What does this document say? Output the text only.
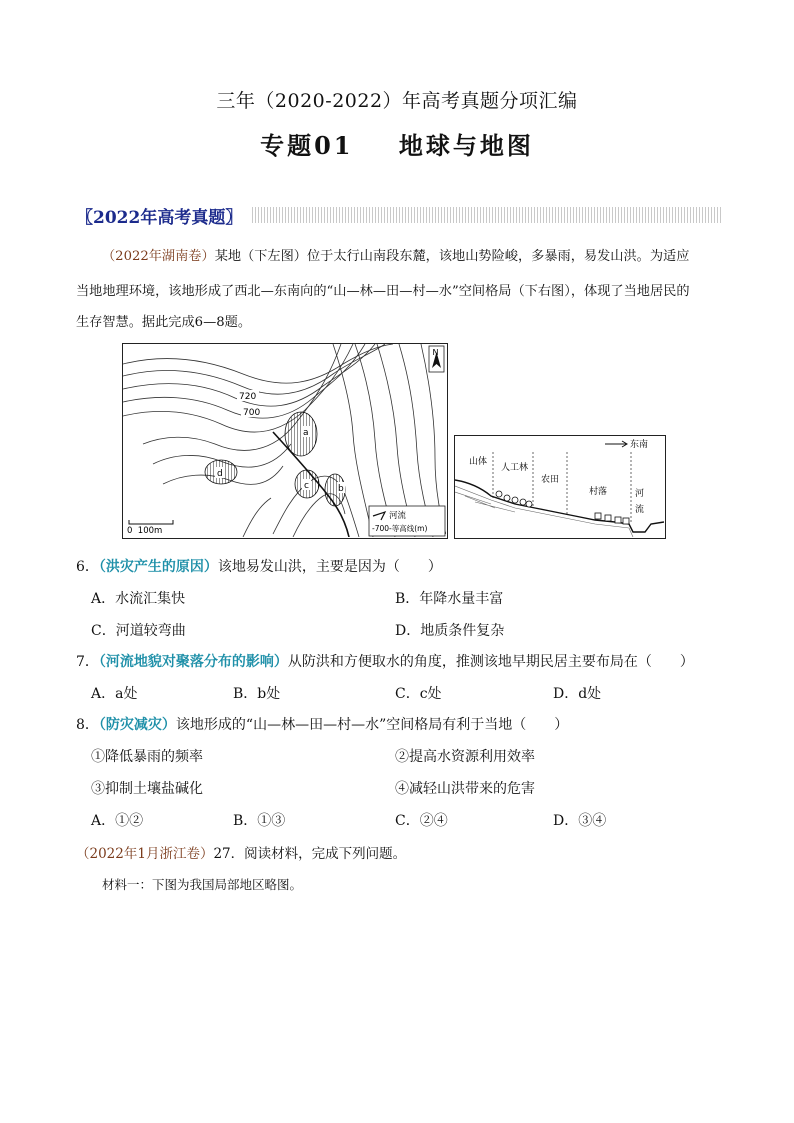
三年（2020-2022）年高考真题分项汇编
专题01    地球与地图
〖2022年高考真题〗
（2022年湖南卷）某地（下左图）位于太行山南段东麓，该地山势险峻，多暴雨，易发山洪。为适应
当地地理环境，该地形成了西北—东南向的“山—林—田—村—水”空间格局（下右图），体现了当地居民的
生存智慧。据此完成6—8题。
a
b
c
d
720
700
N
0  100m
河流
-700-等高线(m)
东南
山体
人工林
农田
村落	河
流
6．（洪灾产生的原因）该地易发山洪，主要是因为（　　）
A．水流汇集快	B．年降水量丰富
C．河道较弯曲	D．地质条件复杂
7．（河流地貌对聚落分布的影响）从防洪和方便取水的角度，推测该地早期民居主要布局在（　　）
A．a处	B．b处	C．c处	D．d处
8．（防灾减灾）该地形成的“山—林—田—村—水”空间格局有利于当地（　　）
①降低暴雨的频率	②提高水资源利用效率
③抑制土壤盐碱化	④减轻山洪带来的危害
A．①②	B．①③	C．②④	D．③④
（2022年1月浙江卷）27．阅读材料，完成下列问题。
材料一：下图为我国局部地区略图。
